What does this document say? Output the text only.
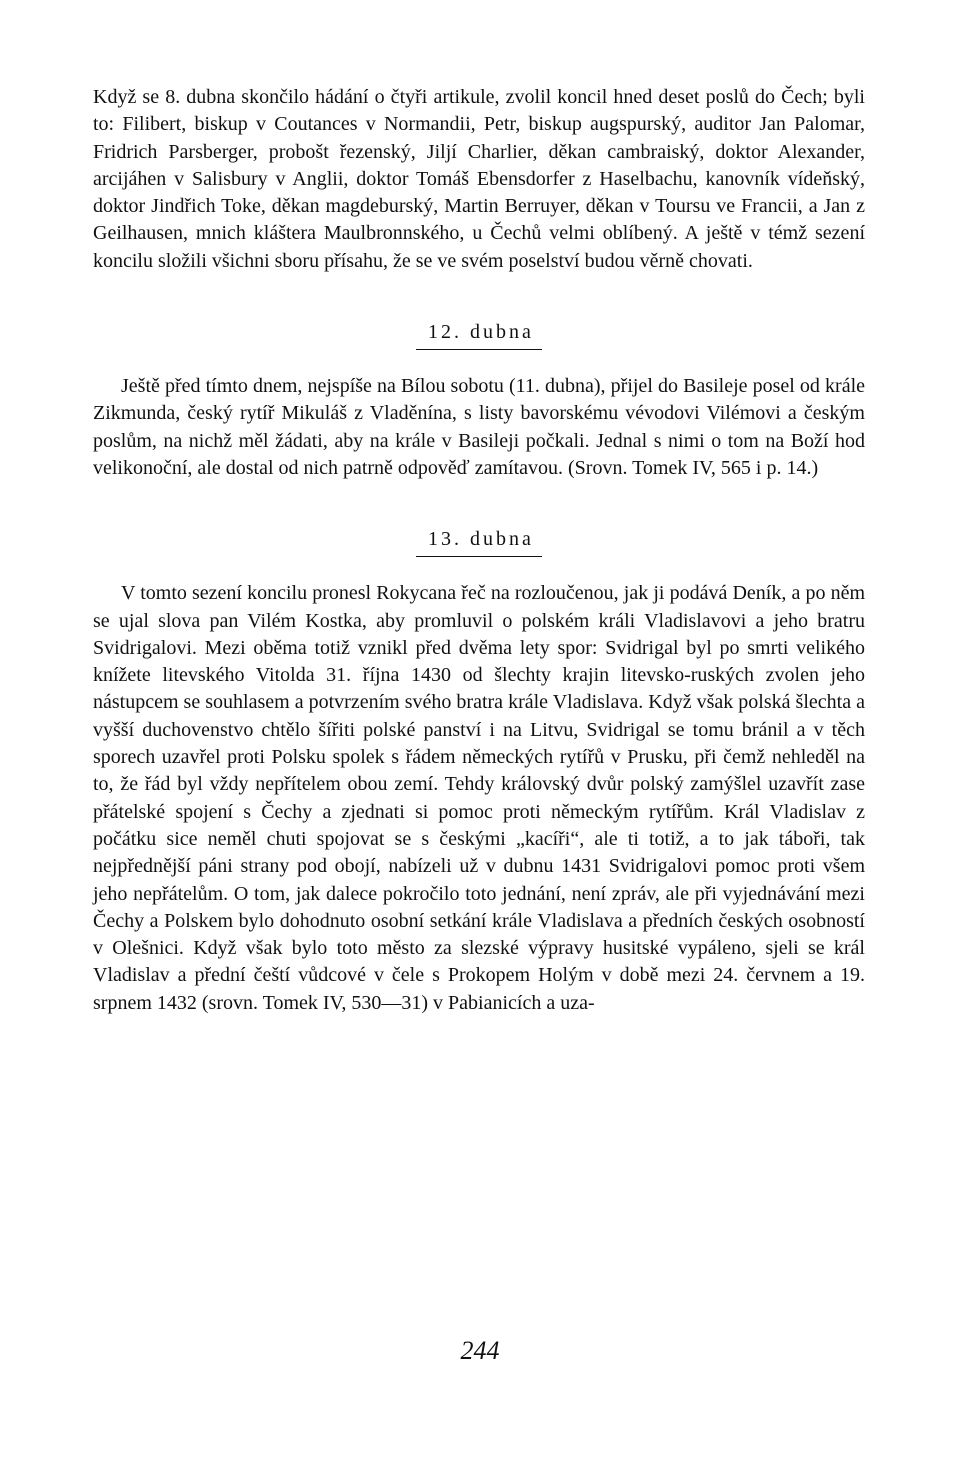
Když se 8. dubna skončilo hádání o čtyři artikule, zvolil koncil hned deset poslů do Čech; byli to: Filibert, biskup v Coutances v Normandii, Petr, biskup augspurský, auditor Jan Palomar, Fridrich Parsberger, probošt řezenský, Jiljí Charlier, děkan cambraiský, doktor Alexander, arcijáhen v Salisbury v Anglii, doktor Tomáš Ebensdorfer z Haselbachu, kanovník vídeňský, doktor Jindřich Toke, děkan magdeburský, Martin Berruyer, děkan v Toursu ve Francii, a Jan z Geilhausen, mnich kláštera Maulbronnského, u Čechů velmi oblíbený. A ještě v témž sezení koncilu složili všichni sboru přísahu, že se ve svém poselství budou věrně chovati.

12. dubna

Ještě před tímto dnem, nejspíše na Bílou sobotu (11. dubna), přijel do Basileje posel od krále Zikmunda, český rytíř Mikuláš z Vladěnína, s listy bavorskému vévodovi Vilémovi a českým poslům, na nichž měl žádati, aby na krále v Basileji počkali. Jednal s nimi o tom na Boží hod velikonoční, ale dostal od nich patrně odpověď zamítavou. (Srovn. Tomek IV, 565 i p. 14.)

13. dubna

V tomto sezení koncilu pronesl Rokycana řeč na rozloučenou, jak ji podává Deník, a po něm se ujal slova pan Vilém Kostka, aby promluvil o polském králi Vladislavovi a jeho bratru Svidrigalovi. Mezi oběma totiž vznikl před dvěma lety spor: Svidrigal byl po smrti velikého knížete litevského Vitolda 31. října 1430 od šlechty krajin litevsko-ruských zvolen jeho nástupcem se souhlasem a potvrzením svého bratra krále Vladislava. Když však polská šlechta a vyšší duchovenstvo chtělo šířiti polské panství i na Litvu, Svidrigal se tomu bránil a v těch sporech uzavřel proti Polsku spolek s řádem německých rytířů v Prusku, při čemž nehleděl na to, že řád byl vždy nepřítelem obou zemí. Tehdy královský dvůr polský zamýšlel uzavřít zase přátelské spojení s Čechy a zjednati si pomoc proti německým rytířům. Král Vladislav z počátku sice neměl chuti spojovat se s českými „kacíři“, ale ti totiž, a to jak táboři, tak nejpřednější páni strany pod obojí, nabízeli už v dubnu 1431 Svidrigalovi pomoc proti všem jeho nepřátelům. O tom, jak dalece pokročilo toto jednání, není zpráv, ale při vyjednávání mezi Čechy a Polskem bylo dohodnuto osobní setkání krále Vladislava a předních českých osobností v Olešnici. Když však bylo toto město za slezské výpravy husitské vypáleno, sjeli se král Vladislav a přední čeští vůdcové v čele s Prokopem Holým v době mezi 24. červnem a 19. srpnem 1432 (srovn. Tomek IV, 530—31) v Pabianicích a uza-

244
